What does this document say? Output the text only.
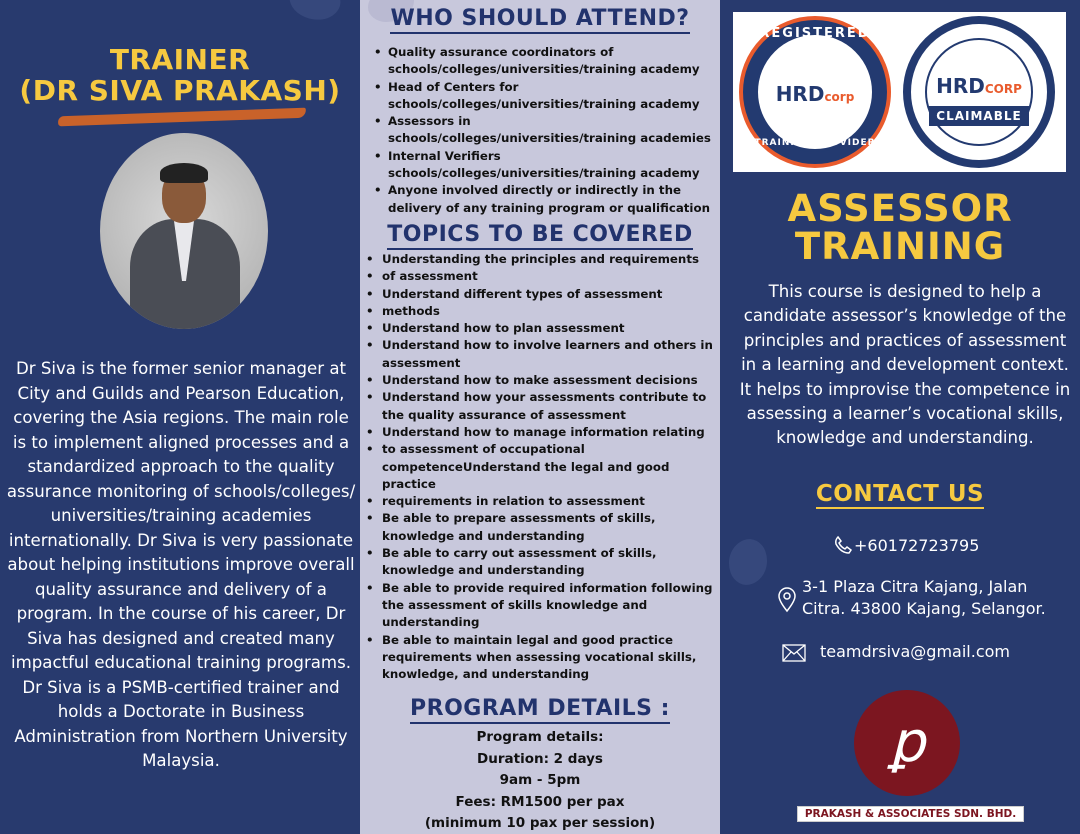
TRAINER
(DR SIVA PRAKASH)

Dr Siva is the former senior manager at City and Guilds and Pearson Education, covering the Asia regions. The main role is to implement aligned processes and a standardized approach to the quality assurance monitoring of schools/colleges/ universities/training academies internationally. Dr Siva is very passionate about helping institutions improve overall quality assurance and delivery of a program. In the course of his career, Dr Siva has designed and created many impactful educational training programs. Dr Siva is a PSMB-certified trainer and holds a Doctorate in Business Administration from Northern University Malaysia.

WHO SHOULD ATTEND?
• Quality assurance coordinators of schools/colleges/universities/training academy
• Head of Centers for schools/colleges/universities/training academy
• Assessors in schools/colleges/universities/training academies
• Internal Verifiers schools/colleges/universities/training academy
• Anyone involved directly or indirectly in the delivery of any training program or qualification
TOPICS TO BE COVERED
• Understanding the principles and requirements
• of assessment
• Understand different types of assessment
• methods
• Understand how to plan assessment
• Understand how to involve learners and others in assessment
• Understand how to make assessment decisions
• Understand how your assessments contribute to the quality assurance of assessment
• Understand how to manage information relating
• to assessment of occupational competenceUnderstand the legal and good practice
• requirements in relation to assessment
• Be able to prepare assessments of skills, knowledge and understanding
• Be able to carry out assessment of skills, knowledge and understanding
• Be able to provide required information following the assessment of skills knowledge and understanding
• Be able to maintain legal and good practice requirements when assessing vocational skills, knowledge, and understanding
PROGRAM DETAILS :
Program details:
Duration: 2 days
9am - 5pm
Fees: RM1500 per pax
(minimum 10 pax per session)
REGISTERED
HRDcorp
TRAINING PROVIDER
HRDCORP
CLAIMABLE
ASSESSOR
TRAINING

This course is designed to help a candidate assessor’s knowledge of the principles and practices of assessment in a learning and development context. It helps to improvise the competence in assessing a learner’s vocational skills, knowledge and understanding.

CONTACT US
+60172723795
3-1 Plaza Citra Kajang, Jalan
Citra. 43800 Kajang, Selangor.
teamdrsiva@gmail.com
ꝑ
PRAKASH & ASSOCIATES SDN. BHD.
